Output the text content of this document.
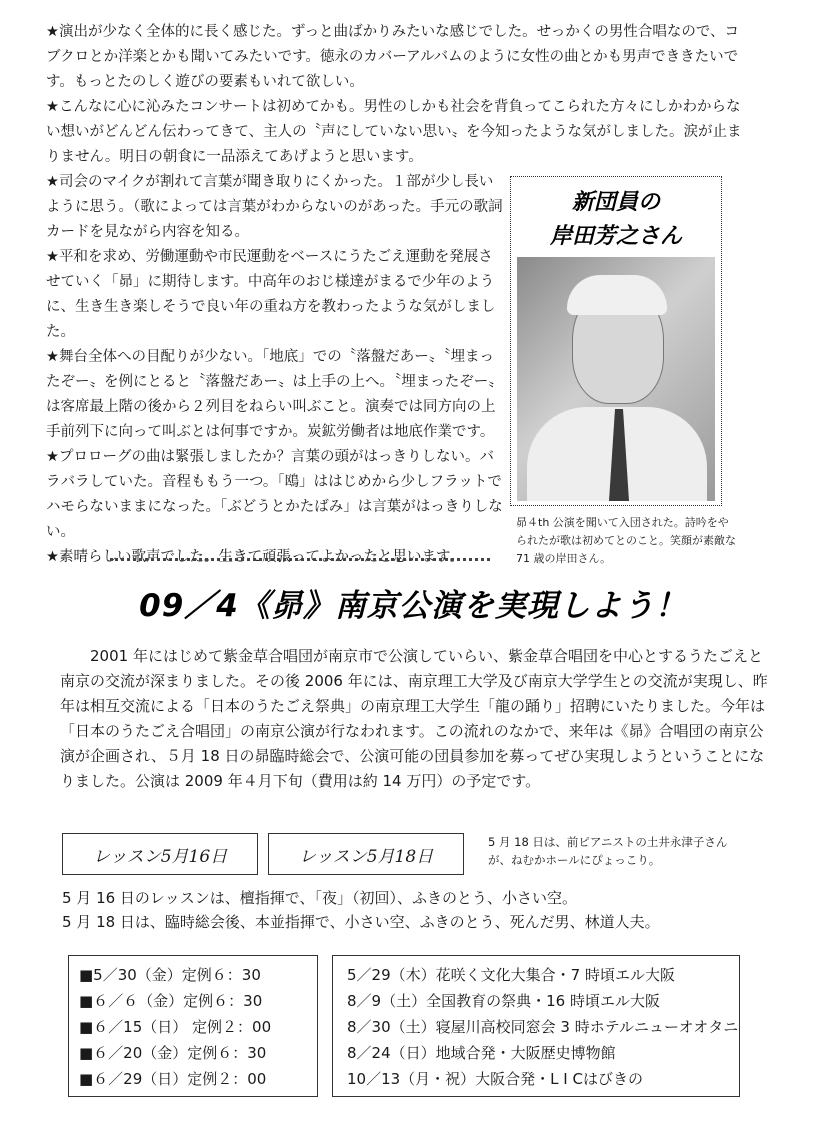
★演出が少なく全体的に長く感じた。ずっと曲ばかりみたいな感じでした。せっかくの男性合唱なので、コブクロとか洋楽とかも聞いてみたいです。徳永のカバーアルバムのように女性の曲とかも男声でききたいです。もっとたのしく遊びの要素もいれて欲しい。

★こんなに心に沁みたコンサートは初めてかも。男性のしかも社会を背負ってこられた方々にしかわからない想いがどんどん伝わってきて、主人の〝声にしていない思い〟を今知ったような気がしました。涙が止まりません。明日の朝食に一品添えてあげようと思います。

★司会のマイクが割れて言葉が聞き取りにくかった。１部が少し長いように思う。（歌によっては言葉がわからないのがあった。手元の歌詞カードを見ながら内容を知る。

★平和を求め、労働運動や市民運動をベースにうたごえ運動を発展させていく「昴」に期待します。中高年のおじ様達がまるで少年のように、生き生き楽しそうで良い年の重ね方を教わったような気がしました。

★舞台全体への目配りが少ない。「地底」での〝落盤だあー〟〝埋まったぞー〟を例にとると〝落盤だあー〟は上手の上へ。〝埋まったぞー〟は客席最上階の後から２列目をねらい叫ぶこと。演奏では同方向の上手前列下に向って叫ぶとは何事ですか。炭鉱労働者は地底作業です。

★プロローグの曲は緊張しましたか？言葉の頭がはっきりしない。バラバラしていた。音程ももう一つ。「鴎」ははじめから少しフラットでハモらないままになった。「ぶどうとかたばみ」は言葉がはっきりしない。

★素晴らしい歌声でした。生きて頑張ってよかったと思います。

新団員の
岸田芳之さん
昴４th 公演を聞いて入団された。詩吟をやられたが歌は初めてとのこと。笑顔が素敵な 71 歳の岸田さん。
09／4《昴》南京公演を実現しよう！

2001 年にはじめて紫金草合唱団が南京市で公演していらい、紫金草合唱団を中心とするうたごえと南京の交流が深まりました。その後 2006 年には、南京理工大学及び南京大学学生との交流が実現し、昨年は相互交流による「日本のうたごえ祭典」の南京理工大学生「龍の踊り」招聘にいたりました。今年は「日本のうたごえ合唱団」の南京公演が行なわれます。この流れのなかで、来年は《昴》合唱団の南京公演が企画され、５月 18 日の昴臨時総会で、公演可能の団員参加を募ってぜひ実現しようということになりました。公演は 2009 年４月下旬（費用は約 14 万円）の予定です。

レッスン5月16日	レッスン5月18日
5 月 18 日は、前ピアニストの土井永津子さんが、ねむかホールにぴょっこり。
5 月 16 日のレッスンは、檀指揮で、「夜」（初回）、ふきのとう、小さい空。
5 月 18 日は、臨時総会後、本並指揮で、小さい空、ふきのとう、死んだ男、林道人夫。
■5／30（金）定例６：30
■６／６（金）定例６：30
■６／15（日） 定例２：00
■６／20（金）定例６：30
■６／29（日）定例２：00
5／29（木）花咲く文化大集合・7 時頃エル大阪
8／9（土）全国教育の祭典・16 時頃エル大阪
8／30（土）寝屋川高校同窓会 3 時ホテルニューオオタニ
8／24（日）地域合発・大阪歴史博物館
10／13（月・祝）大阪合発・L I Cはびきの
